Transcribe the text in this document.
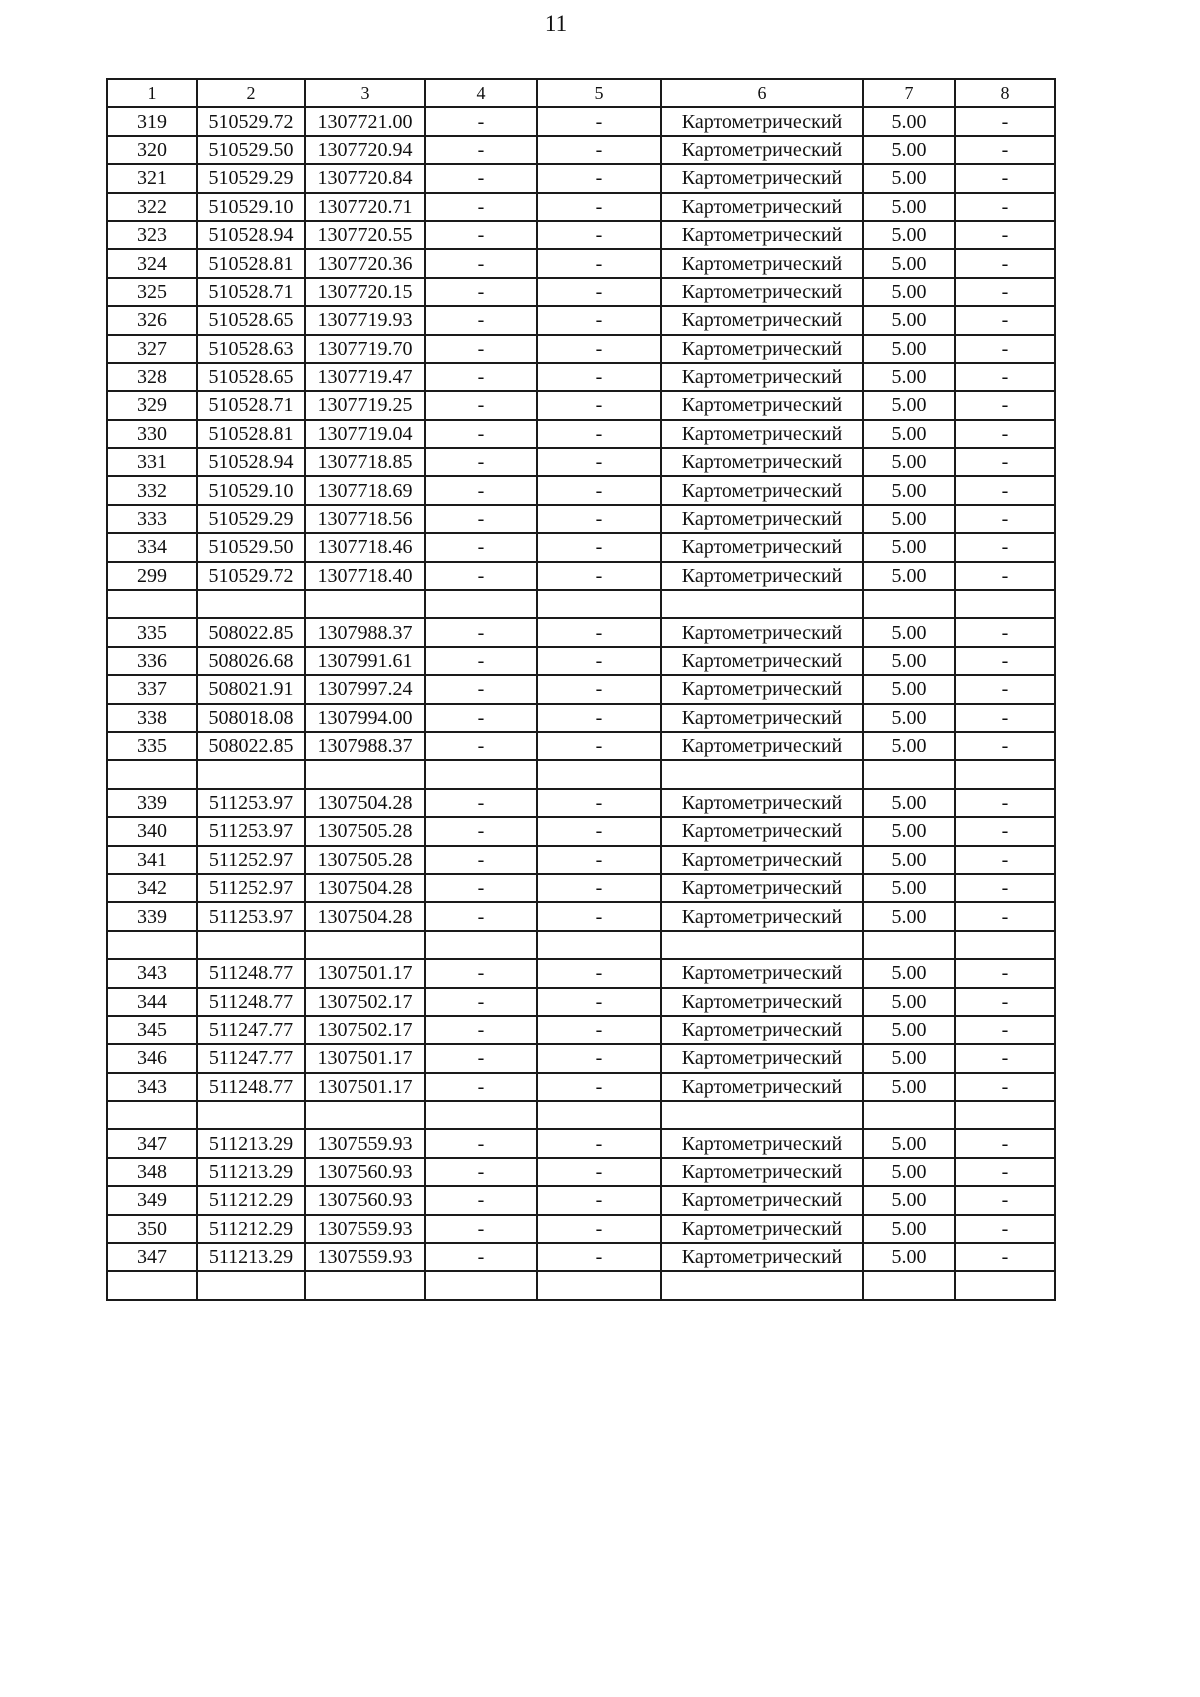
11
1	2	3	4	5	6	7	8
319	510529.72	1307721.00	-	-	Картометрический	5.00	-
320	510529.50	1307720.94	-	-	Картометрический	5.00	-
321	510529.29	1307720.84	-	-	Картометрический	5.00	-
322	510529.10	1307720.71	-	-	Картометрический	5.00	-
323	510528.94	1307720.55	-	-	Картометрический	5.00	-
324	510528.81	1307720.36	-	-	Картометрический	5.00	-
325	510528.71	1307720.15	-	-	Картометрический	5.00	-
326	510528.65	1307719.93	-	-	Картометрический	5.00	-
327	510528.63	1307719.70	-	-	Картометрический	5.00	-
328	510528.65	1307719.47	-	-	Картометрический	5.00	-
329	510528.71	1307719.25	-	-	Картометрический	5.00	-
330	510528.81	1307719.04	-	-	Картометрический	5.00	-
331	510528.94	1307718.85	-	-	Картометрический	5.00	-
332	510529.10	1307718.69	-	-	Картометрический	5.00	-
333	510529.29	1307718.56	-	-	Картометрический	5.00	-
334	510529.50	1307718.46	-	-	Картометрический	5.00	-
299	510529.72	1307718.40	-	-	Картометрический	5.00	-

335	508022.85	1307988.37	-	-	Картометрический	5.00	-
336	508026.68	1307991.61	-	-	Картометрический	5.00	-
337	508021.91	1307997.24	-	-	Картометрический	5.00	-
338	508018.08	1307994.00	-	-	Картометрический	5.00	-
335	508022.85	1307988.37	-	-	Картометрический	5.00	-

339	511253.97	1307504.28	-	-	Картометрический	5.00	-
340	511253.97	1307505.28	-	-	Картометрический	5.00	-
341	511252.97	1307505.28	-	-	Картометрический	5.00	-
342	511252.97	1307504.28	-	-	Картометрический	5.00	-
339	511253.97	1307504.28	-	-	Картометрический	5.00	-

343	511248.77	1307501.17	-	-	Картометрический	5.00	-
344	511248.77	1307502.17	-	-	Картометрический	5.00	-
345	511247.77	1307502.17	-	-	Картометрический	5.00	-
346	511247.77	1307501.17	-	-	Картометрический	5.00	-
343	511248.77	1307501.17	-	-	Картометрический	5.00	-

347	511213.29	1307559.93	-	-	Картометрический	5.00	-
348	511213.29	1307560.93	-	-	Картометрический	5.00	-
349	511212.29	1307560.93	-	-	Картометрический	5.00	-
350	511212.29	1307559.93	-	-	Картометрический	5.00	-
347	511213.29	1307559.93	-	-	Картометрический	5.00	-
